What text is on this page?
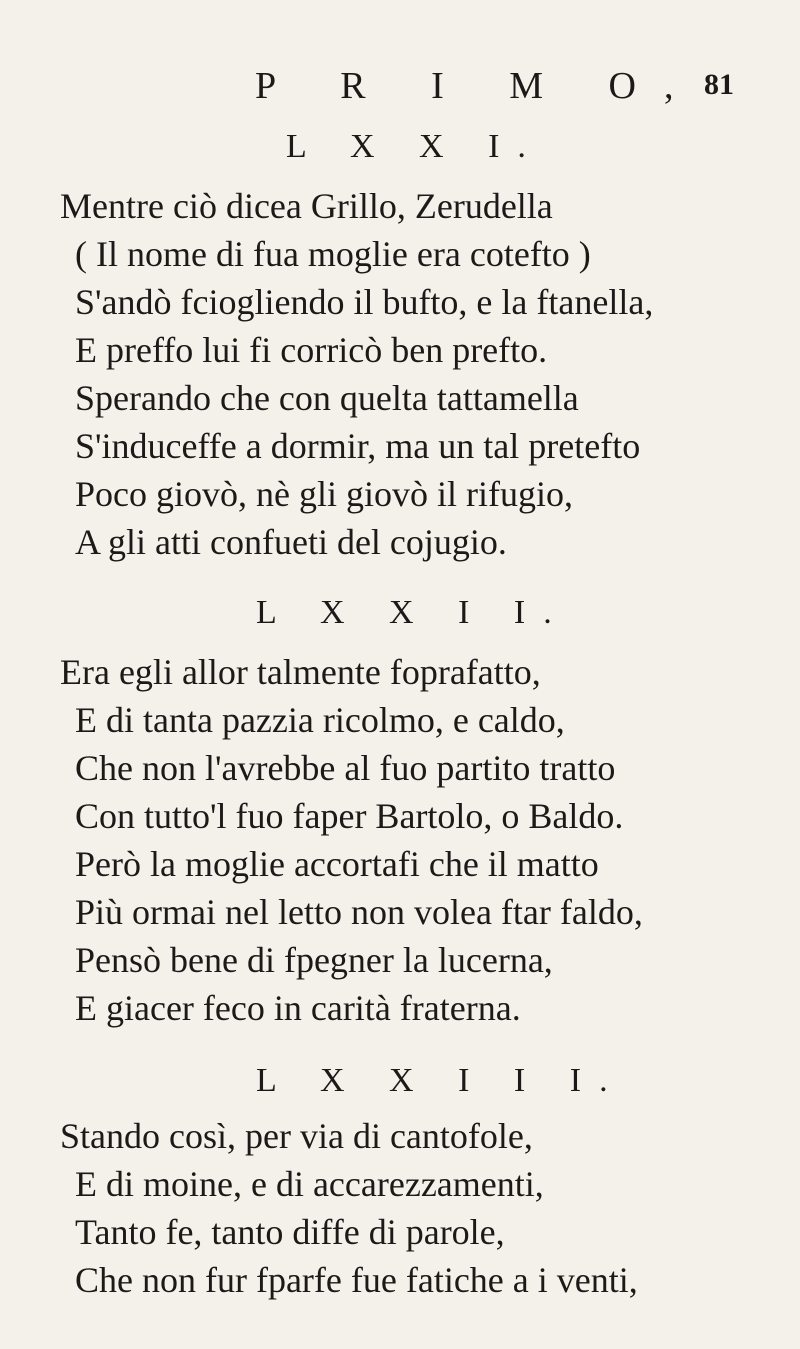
P R I M O, 81
L X X I.
Mentre ciò dicea Grillo, Zerudella
( Il nome di fua moglie era cotefto )
S'andò fciogliendo il bufto, e la ftanella,
E preffo lui fi corricò ben prefto.
Sperando che con quelta tattamella
S'induceffe a dormir, ma un tal pretefto
Poco giovò, nè gli giovò il rifugio,
A gli atti confueti del cojugio.
L X X I I.
Era egli allor talmente foprafatto,
E di tanta pazzia ricolmo, e caldo,
Che non l'avrebbe al fuo partito tratto
Con tutto'l fuo faper Bartolo, o Baldo.
Però la moglie accortafi che il matto
Più ormai nel letto non volea ftar faldo,
Pensò bene di fpegner la lucerna,
E giacer feco in carità fraterna.
L X X I I I.
Stando così, per via di cantofole,
E di moine, e di accarezzamenti,
Tanto fe, tanto diffe di parole,
Che non fur fparfe fue fatiche a i venti,
